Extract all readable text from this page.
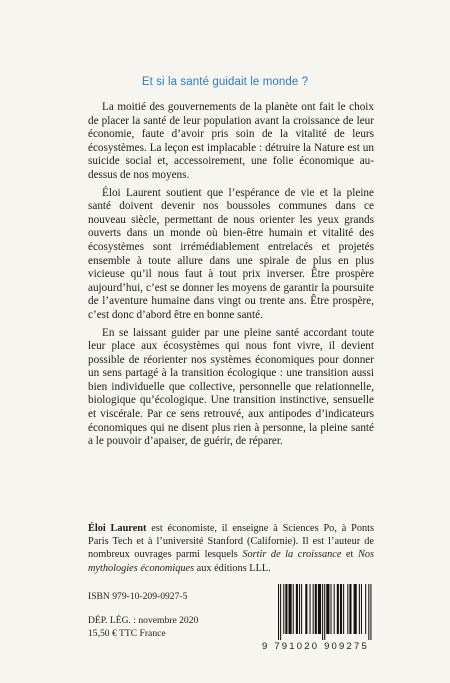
Et si la santé guidait le monde ?

La moitié des gouvernements de la planète ont fait le choix de placer la santé de leur population avant la croissance de leur économie, faute d’avoir pris soin de la vitalité de leurs écosystèmes. La leçon est implacable : détruire la Nature est un suicide social et, accessoirement, une folie économique au-dessus de nos moyens.

Éloi Laurent soutient que l’espérance de vie et la pleine santé doivent devenir nos boussoles communes dans ce nouveau siècle, permettant de nous orienter les yeux grands ouverts dans un monde où bien-être humain et vitalité des écosystèmes sont irrémédiablement entrelacés et projetés ensemble à toute allure dans une spirale de plus en plus vicieuse qu’il nous faut à tout prix inverser. Être prospère aujourd’hui, c’est se donner les moyens de garantir la poursuite de l’aventure humaine dans vingt ou trente ans. Être prospère, c’est donc d’abord être en bonne santé.

En se laissant guider par une pleine santé accordant toute leur place aux écosystèmes qui nous font vivre, il devient possible de réorienter nos systèmes économiques pour donner un sens partagé à la transition écologique : une transition aussi bien individuelle que collective, personnelle que relationnelle, biologique qu’écologique. Une transition instinctive, sensuelle et viscérale. Par ce sens retrouvé, aux antipodes d’indicateurs économiques qui ne disent plus rien à personne, la pleine santé a le pouvoir d’apaiser, de guérir, de réparer.

Éloi Laurent est économiste, il enseigne à Sciences Po, à Ponts Paris Tech et à l’université Stanford (Californie). Il est l’auteur de nombreux ouvrages parmi lesquels Sortir de la croissance et Nos mythologies économiques aux éditions LLL.
ISBN 979-10-209-0927-5
DÉP. LÉG. : novembre 2020
15,50 € TTC France
9 791020 909275
